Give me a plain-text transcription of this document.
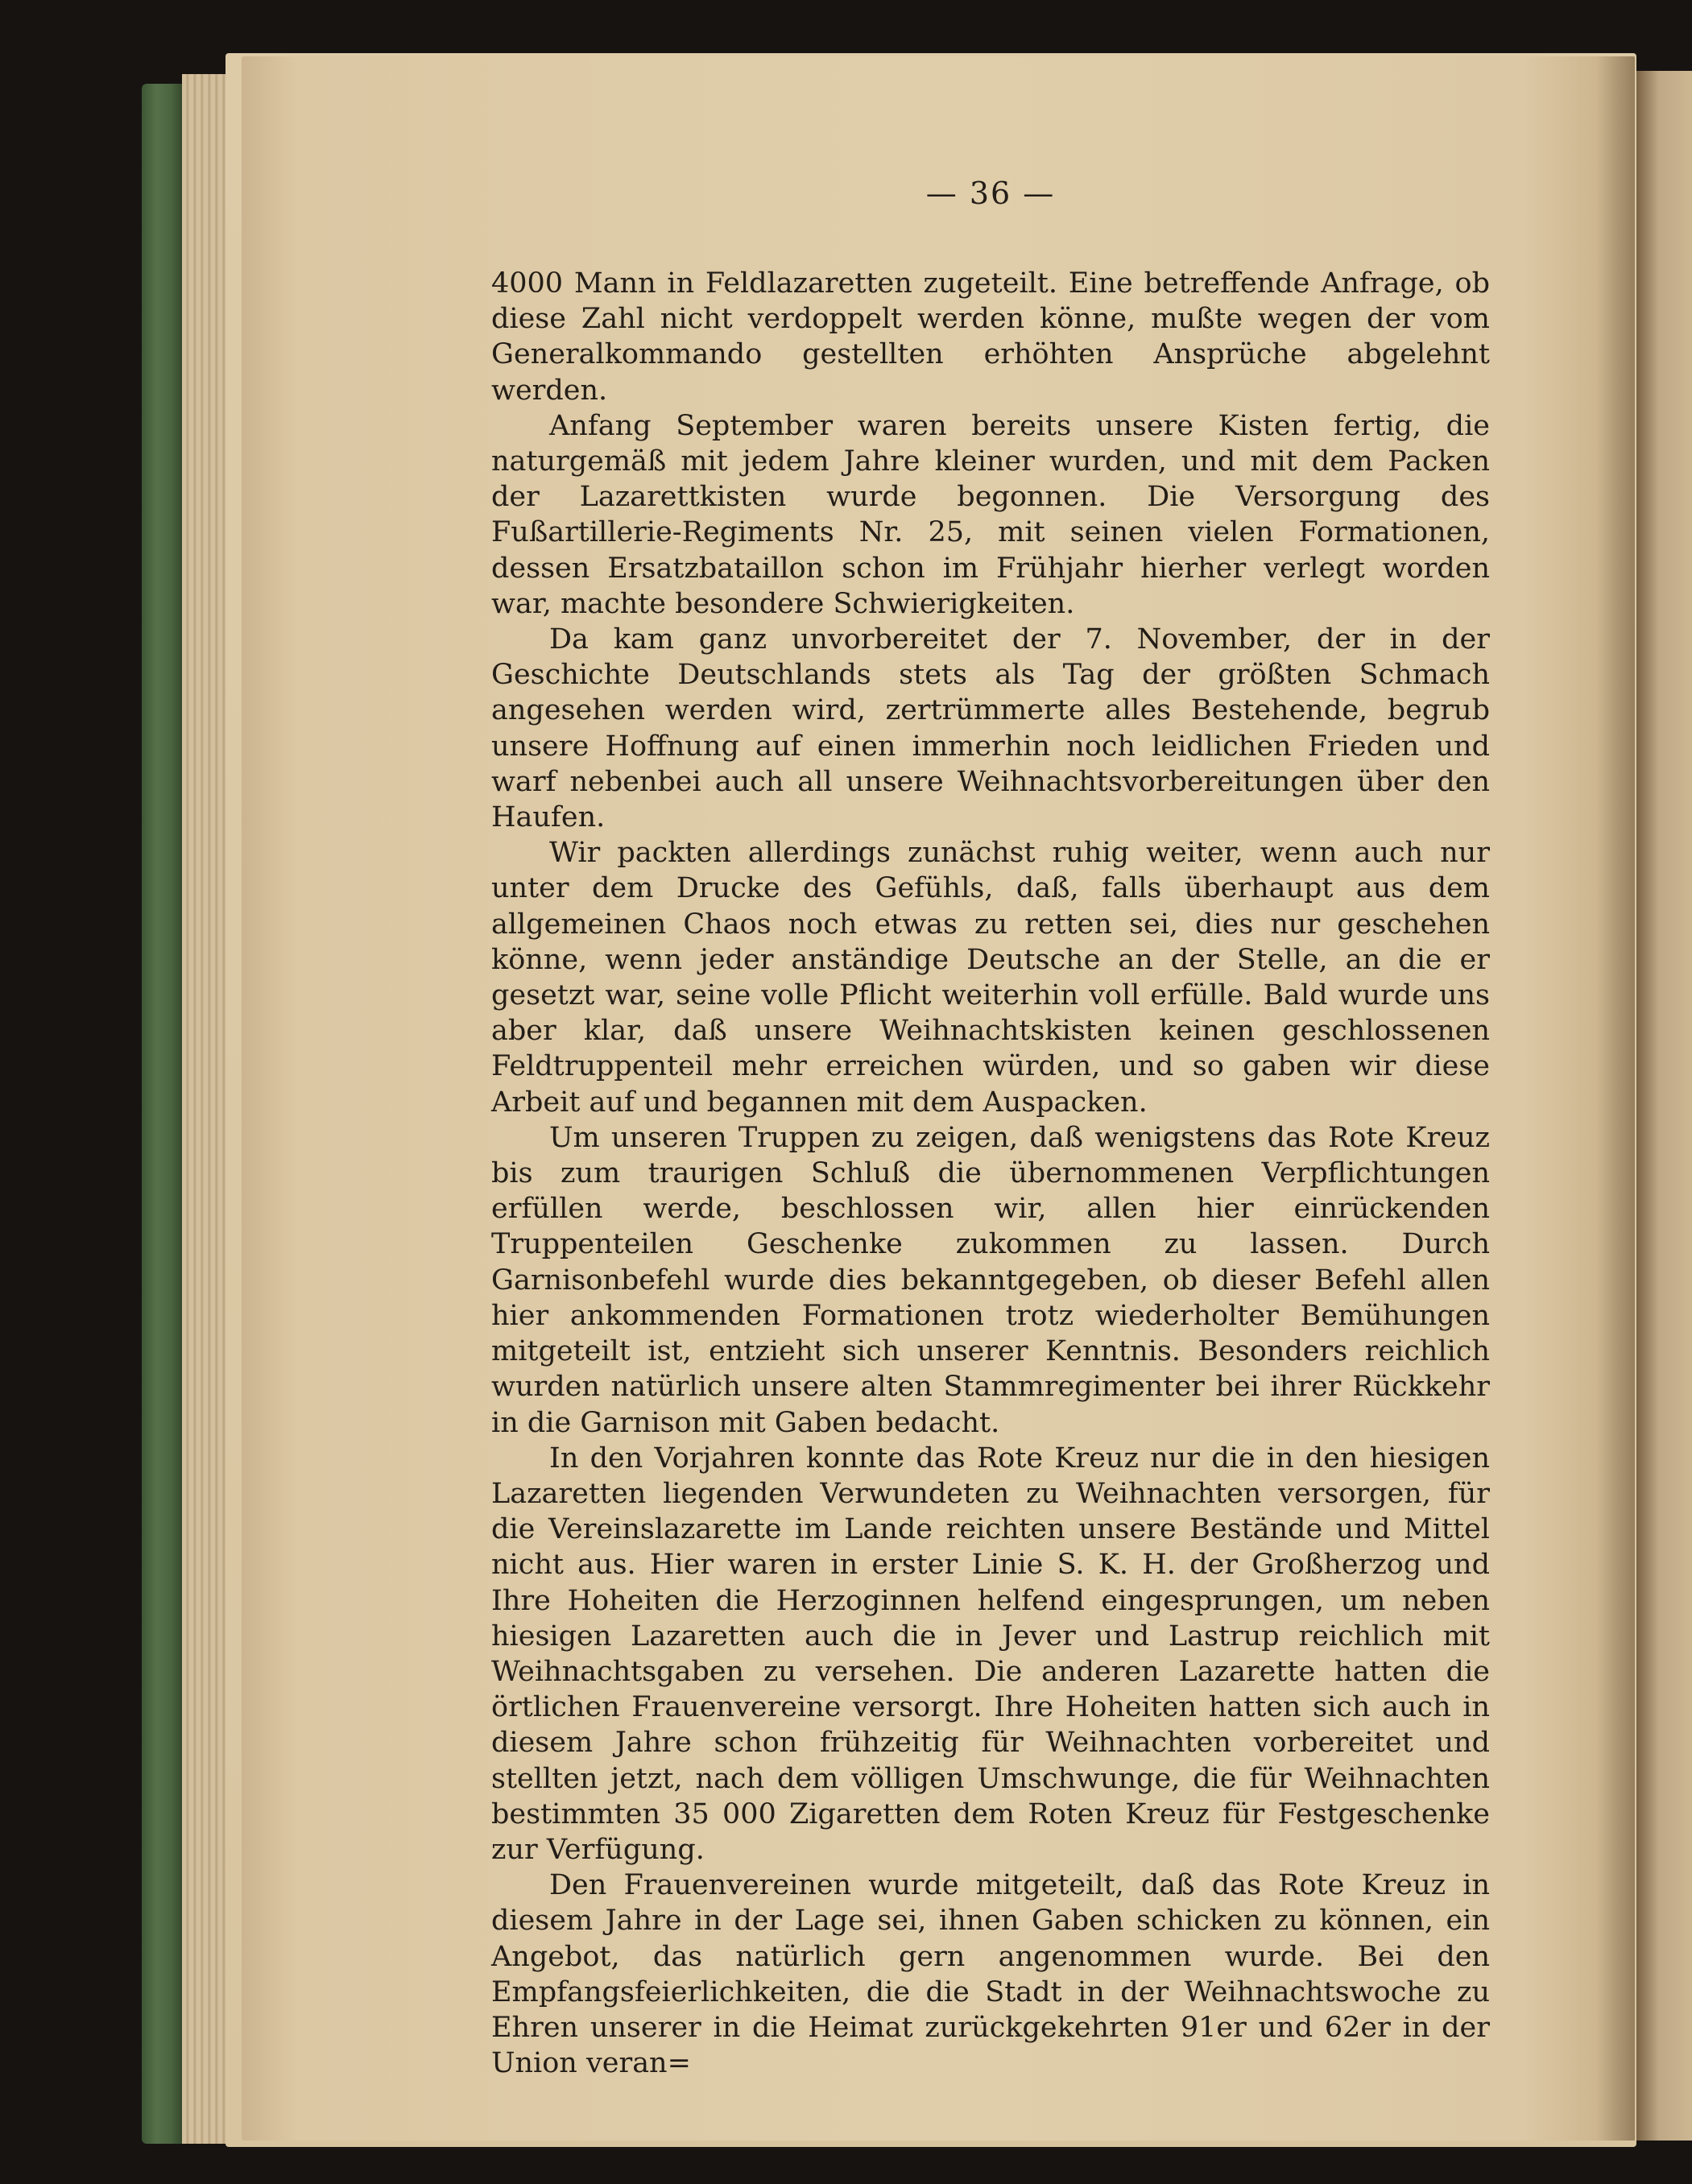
— 36 —

4000 Mann in Feldlazaretten zugeteilt. Eine betreffende Anfrage, ob diese Zahl nicht verdoppelt werden könne, mußte wegen der vom Generalkommando gestellten erhöhten Ansprüche abgelehnt werden.

Anfang September waren bereits unsere Kisten fertig, die naturgemäß mit jedem Jahre kleiner wurden, und mit dem Packen der Lazarettkisten wurde begonnen. Die Versorgung des Fußartillerie-Regiments Nr. 25, mit seinen vielen Formationen, dessen Ersatzbataillon schon im Frühjahr hierher verlegt worden war, machte besondere Schwierigkeiten.

Da kam ganz unvorbereitet der 7. November, der in der Geschichte Deutschlands stets als Tag der größten Schmach angesehen werden wird, zertrümmerte alles Bestehende, begrub unsere Hoffnung auf einen immerhin noch leidlichen Frieden und warf nebenbei auch all unsere Weihnachtsvorbereitungen über den Haufen.

Wir packten allerdings zunächst ruhig weiter, wenn auch nur unter dem Drucke des Gefühls, daß, falls überhaupt aus dem allgemeinen Chaos noch etwas zu retten sei, dies nur geschehen könne, wenn jeder anständige Deutsche an der Stelle, an die er gesetzt war, seine volle Pflicht weiterhin voll erfülle. Bald wurde uns aber klar, daß unsere Weihnachtskisten keinen geschlossenen Feldtruppenteil mehr erreichen würden, und so gaben wir diese Arbeit auf und begannen mit dem Auspacken.

Um unseren Truppen zu zeigen, daß wenigstens das Rote Kreuz bis zum traurigen Schluß die übernommenen Verpflichtungen erfüllen werde, beschlossen wir, allen hier einrückenden Truppenteilen Geschenke zukommen zu lassen. Durch Garnisonbefehl wurde dies bekanntgegeben, ob dieser Befehl allen hier ankommenden Formationen trotz wiederholter Bemühungen mitgeteilt ist, entzieht sich unserer Kenntnis. Besonders reichlich wurden natürlich unsere alten Stammregimenter bei ihrer Rückkehr in die Garnison mit Gaben bedacht.

In den Vorjahren konnte das Rote Kreuz nur die in den hiesigen Lazaretten liegenden Verwundeten zu Weihnachten versorgen, für die Vereinslazarette im Lande reichten unsere Bestände und Mittel nicht aus. Hier waren in erster Linie S. K. H. der Großherzog und Ihre Hoheiten die Herzoginnen helfend eingesprungen, um neben hiesigen Lazaretten auch die in Jever und Lastrup reichlich mit Weihnachtsgaben zu versehen. Die anderen Lazarette hatten die örtlichen Frauenvereine versorgt. Ihre Hoheiten hatten sich auch in diesem Jahre schon frühzeitig für Weihnachten vorbereitet und stellten jetzt, nach dem völligen Umschwunge, die für Weihnachten bestimmten 35 000 Zigaretten dem Roten Kreuz für Festgeschenke zur Verfügung.

Den Frauenvereinen wurde mitgeteilt, daß das Rote Kreuz in diesem Jahre in der Lage sei, ihnen Gaben schicken zu können, ein Angebot, das natürlich gern angenommen wurde. Bei den Empfangsfeierlichkeiten, die die Stadt in der Weihnachtswoche zu Ehren unserer in die Heimat zurückgekehrten 91er und 62er in der Union veran=
